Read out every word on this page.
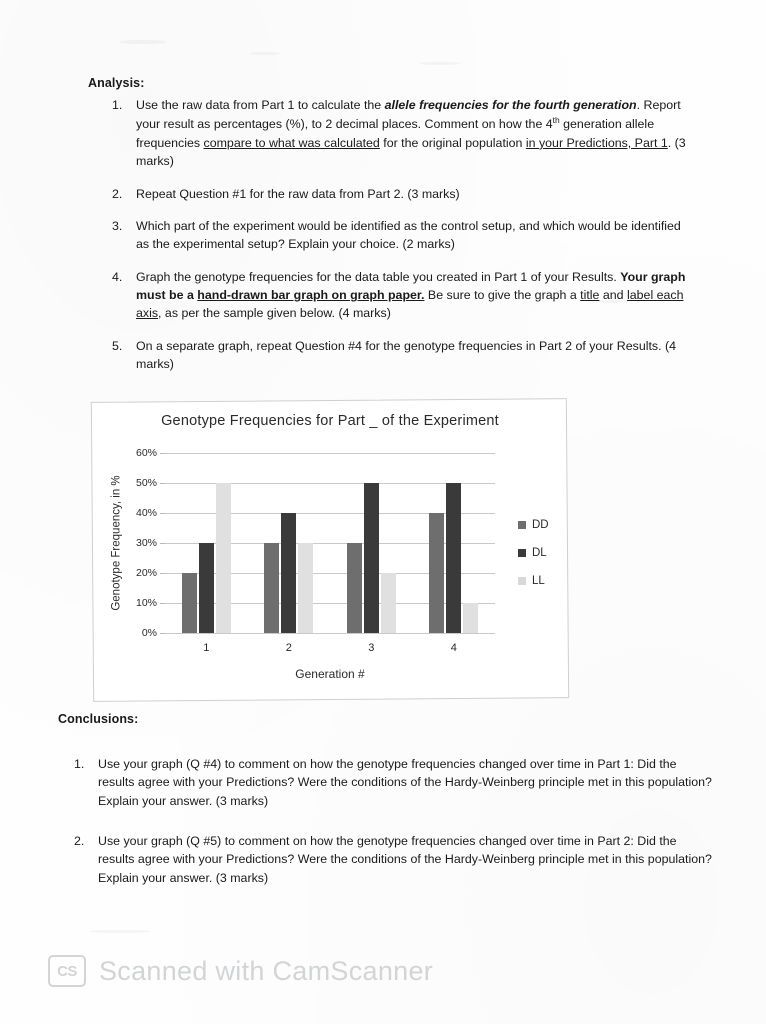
Analysis:
1.	Use the raw data from Part 1 to calculate the allele frequencies for the fourth generation. Report your result as percentages (%), to 2 decimal places. Comment on how the 4th generation allele frequencies compare to what was calculated for the original population in your Predictions, Part 1. (3 marks)
2.	Repeat Question #1 for the raw data from Part 2. (3 marks)
3.	Which part of the experiment would be identified as the control setup, and which would be identified as the experimental setup? Explain your choice. (2 marks)
4.	Graph the genotype frequencies for the data table you created in Part 1 of your Results. Your graph must be a hand-drawn bar graph on graph paper. Be sure to give the graph a title and label each axis, as per the sample given below. (4 marks)
5.	On a separate graph, repeat Question #4 for the genotype frequencies in Part 2 of your Results. (4 marks)
Genotype Frequencies for Part _ of the Experiment
Genotype Frequency, in %
0%
10%
20%
30%
40%
50%
60%
1	2	3	4
Generation #
DD
DL
LL
Conclusions:
1.	Use your graph (Q #4) to comment on how the genotype frequencies changed over time in Part 1: Did the results agree with your Predictions? Were the conditions of the Hardy-Weinberg principle met in this population? Explain your answer. (3 marks)
2.	Use your graph (Q #5) to comment on how the genotype frequencies changed over time in Part 2: Did the results agree with your Predictions? Were the conditions of the Hardy-Weinberg principle met in this population? Explain your answer. (3 marks)
CS Scanned with CamScanner
